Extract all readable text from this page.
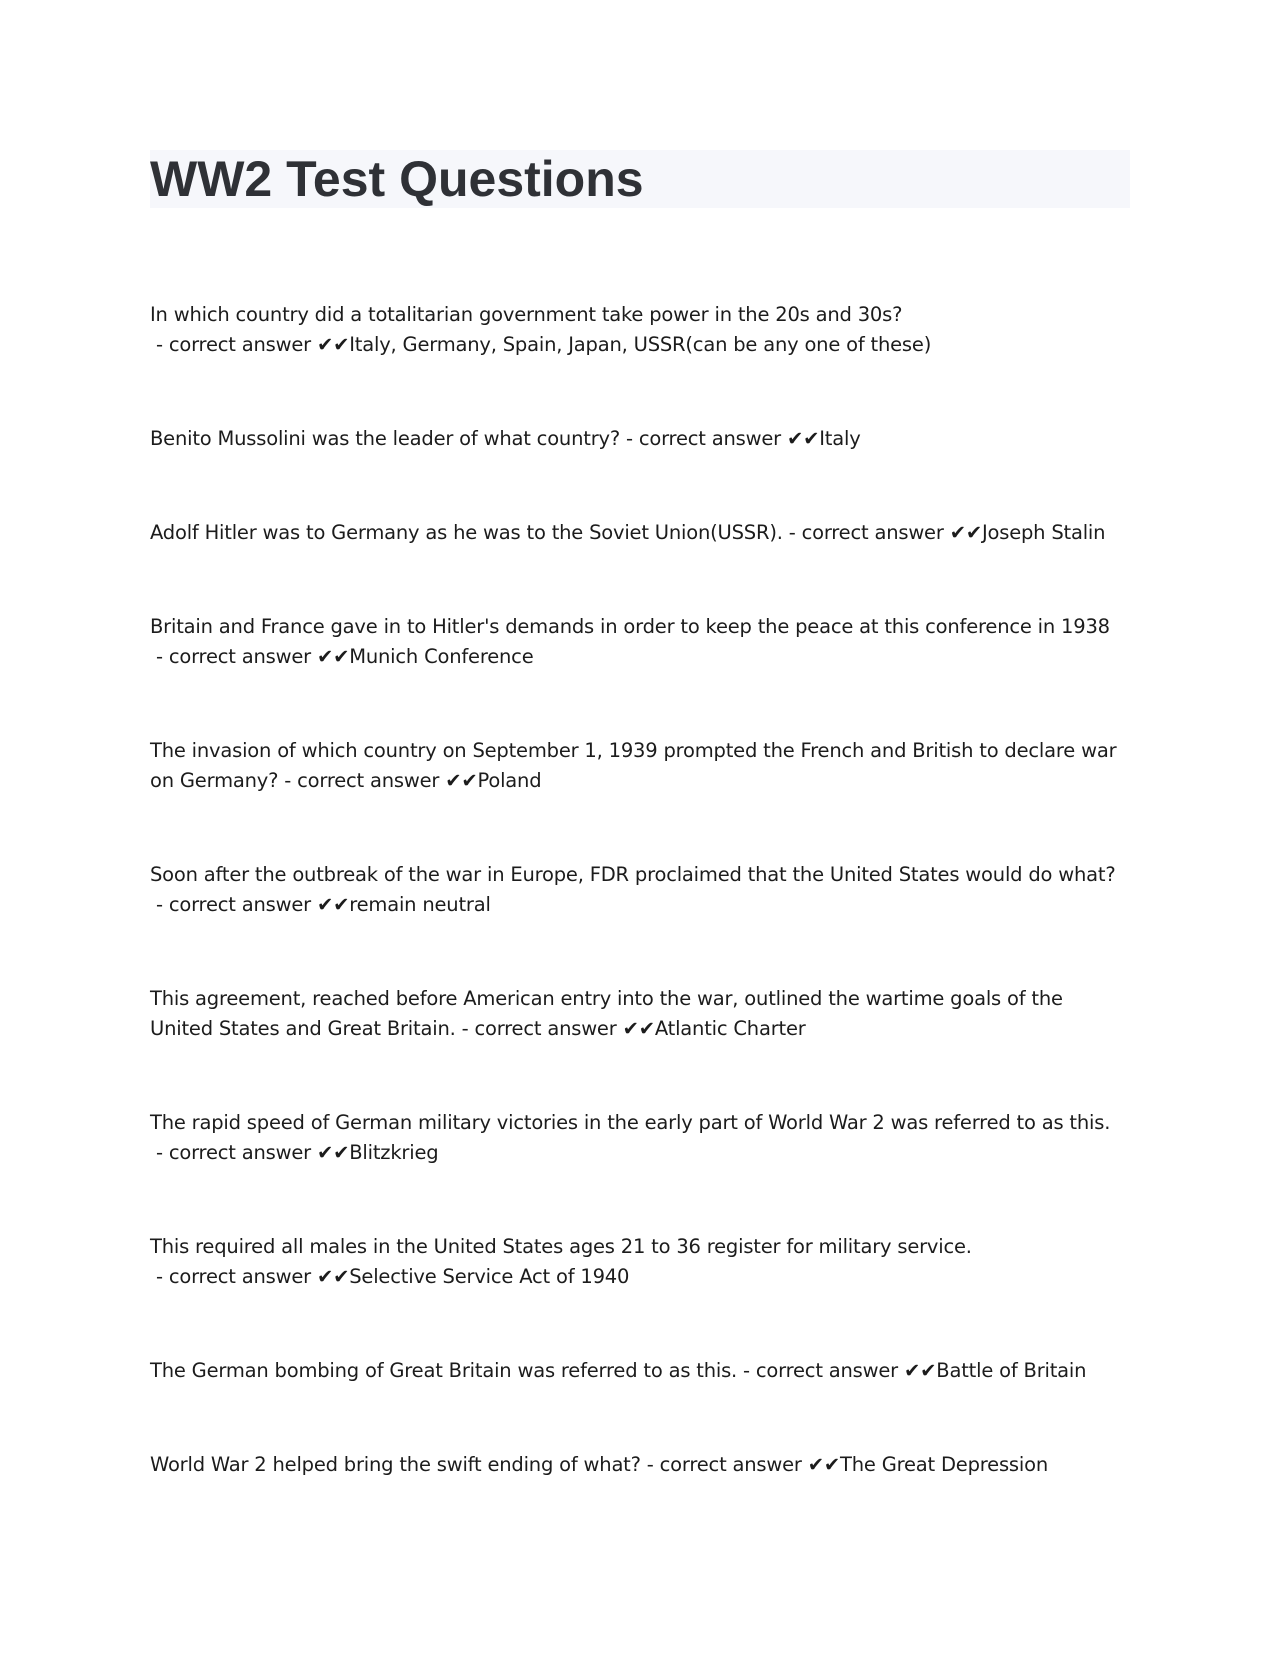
WW2 Test Questions
In which country did a totalitarian government take power in the 20s and 30s? - correct answer ✔✔Italy, Germany, Spain, Japan, USSR(can be any one of these)
Benito Mussolini was the leader of what country? - correct answer ✔✔Italy
Adolf Hitler was to Germany as he was to the Soviet Union(USSR). - correct answer ✔✔Joseph Stalin
Britain and France gave in to Hitler's demands in order to keep the peace at this conference in 1938 - correct answer ✔✔Munich Conference
The invasion of which country on September 1, 1939 prompted the French and British to declare war on Germany? - correct answer ✔✔Poland
Soon after the outbreak of the war in Europe, FDR proclaimed that the United States would do what? - correct answer ✔✔remain neutral
This agreement, reached before American entry into the war, outlined the wartime goals of the United States and Great Britain. - correct answer ✔✔Atlantic Charter
The rapid speed of German military victories in the early part of World War 2 was referred to as this. - correct answer ✔✔Blitzkrieg
This required all males in the United States ages 21 to 36 register for military service. - correct answer ✔✔Selective Service Act of 1940
The German bombing of Great Britain was referred to as this. - correct answer ✔✔Battle of Britain
World War 2 helped bring the swift ending of what? - correct answer ✔✔The Great Depression
